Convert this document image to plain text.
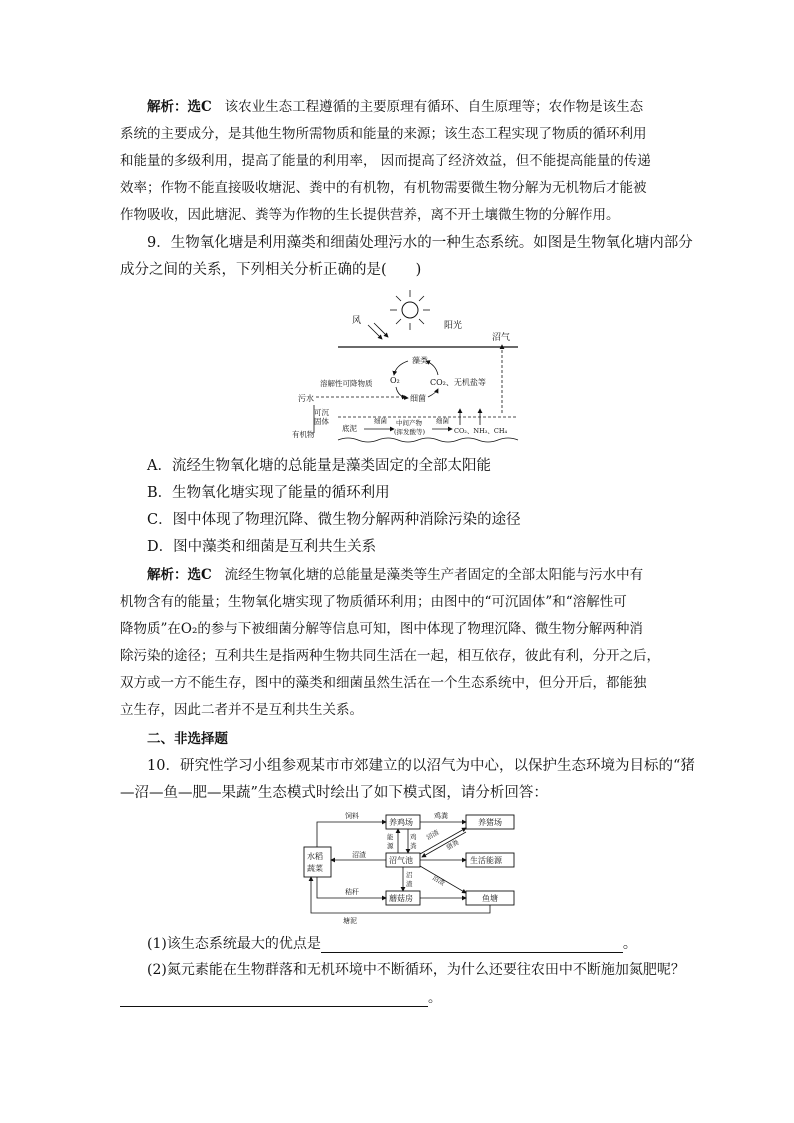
解析：选C 该农业生态工程遵循的主要原理有循环、自生原理等；农作物是该生态
系统的主要成分，是其他生物所需物质和能量的来源；该生态工程实现了物质的循环利用
和能量的多级利用，提高了能量的利用率， 因而提高了经济效益，但不能提高能量的传递
效率；作物不能直接吸收塘泥、粪中的有机物，有机物需要微生物分解为无机物后才能被
作物吸收，因此塘泥、粪等为作物的生长提供营养，离不开土壤微生物的分解作用。
9．生物氧化塘是利用藻类和细菌处理污水的一种生态系统。如图是生物氧化塘内部分
成分之间的关系，下列相关分析正确的是(　　)
风	阳光
沼气
藻类
O₂	CO₂、无机盐等
细菌
溶解性可降物质
污水
可沉
固体
有机物
底泥
细菌 中间产物
(挥发酸等)
细菌
CO₂、NH₃、CH₄
A．流经生物氧化塘的总能量是藻类固定的全部太阳能
B．生物氧化塘实现了能量的循环利用
C．图中体现了物理沉降、微生物分解两种消除污染的途径
D．图中藻类和细菌是互利共生关系
解析：选C 流经生物氧化塘的总能量是藻类等生产者固定的全部太阳能与污水中有
机物含有的能量；生物氧化塘实现了物质循环利用；由图中的“可沉固体”和“溶解性可
降物质”在O₂的参与下被细菌分解等信息可知，图中体现了物理沉降、微生物分解两种消
除污染的途径；互利共生是指两种生物共同生活在一起，相互依存，彼此有利，分开之后，
双方或一方不能生存，图中的藻类和细菌虽然生活在一个生态系统中，但分开后，都能独
立生存，因此二者并不是互利共生关系。
二、非选择题
10．研究性学习小组参观某市市郊建立的以沼气为中心，以保护生态环境为目标的“猪
—沼—鱼—肥—果蔬”生态模式时绘出了如下模式图，请分析回答：
水稻
蔬菜
养鸡场	养猪场
沼气池	生活能源
蘑菇房	鱼塘
饲料	鸡粪
能
源
鸡
粪
沼渣
猪粪
沼渣
沼
渣	沼渣
秸秆
塘泥
(1)该生态系统最大的优点是	。
(2)氮元素能在生物群落和无机环境中不断循环，为什么还要往农田中不断施加氮肥呢？
。
